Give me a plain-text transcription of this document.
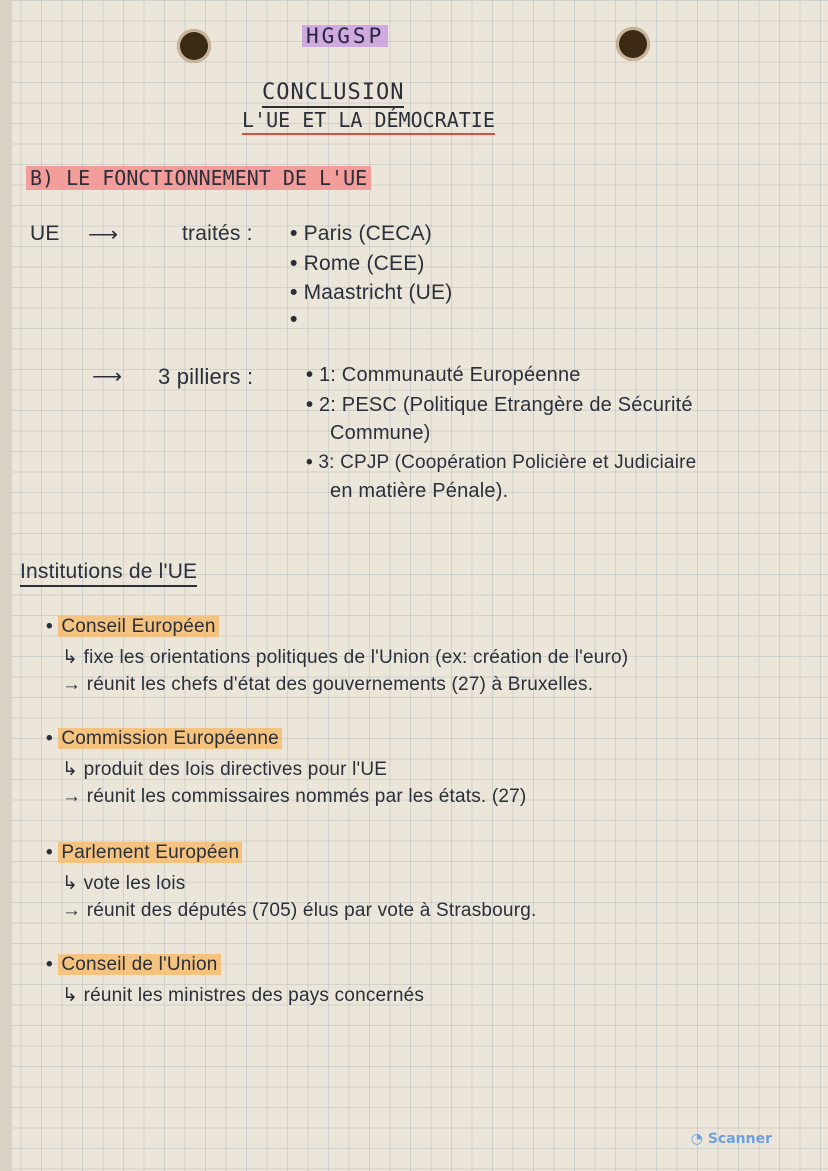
HGGSP
CONCLUSION
L'UE ET LA DÉMOCRATIE
B) LE FONCTIONNEMENT DE L'UE
UE ⟶	traités : • Paris (CECA)
• Rome (CEE)
• Maastricht (UE)
•
⟶ 3 pilliers :	• 1: Communauté Européenne
• 2: PESC (Politique Etrangère de Sécurité
Commune)
• 3: CPJP (Coopération Policière et Judiciaire
en matière Pénale).
Institutions de l'UE
• Conseil Européen
↳ fixe les orientations politiques de l'Union (ex: création de l'euro)
→ réunit les chefs d'état des gouvernements (27) à Bruxelles.
• Commission Européenne
↳ produit des lois directives pour l'UE
→ réunit les commissaires nommés par les états. (27)
• Parlement Européen
↳ vote les lois
→ réunit des députés (705) élus par vote à Strasbourg.
• Conseil de l'Union
↳ réunit les ministres des pays concernés
◔ Scanner
